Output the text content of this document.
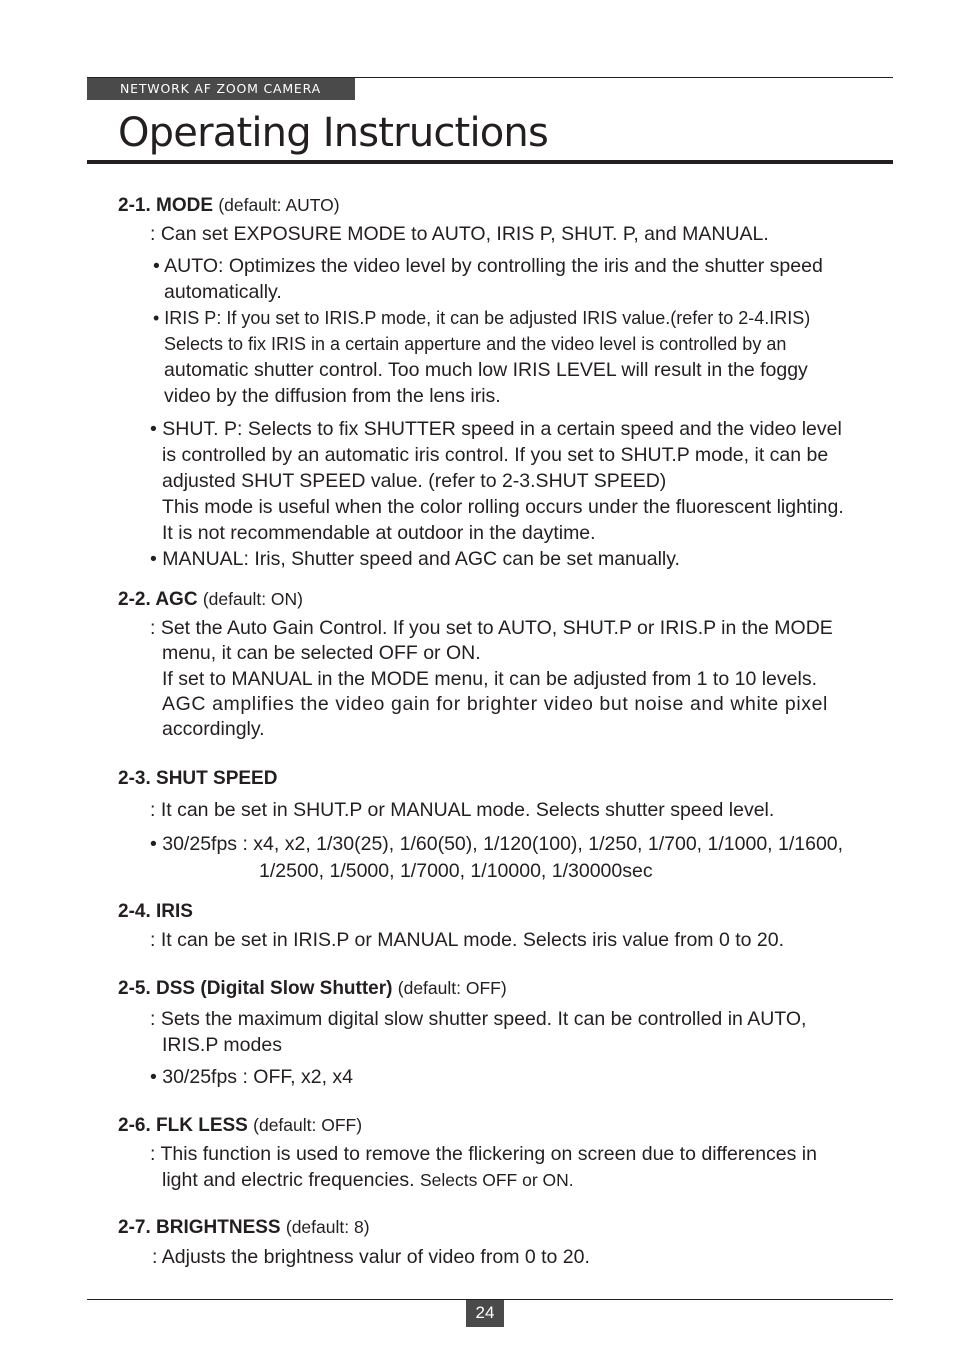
NETWORK AF ZOOM CAMERA
Operating Instructions
2-1. MODE (default: AUTO)
: Can set EXPOSURE MODE to AUTO, IRIS P, SHUT. P, and MANUAL.
• AUTO: Optimizes the video level by controlling the iris and the shutter speed
automatically.
• IRIS P: If you set to IRIS.P mode, it can be adjusted IRIS value.(refer to 2-4.IRIS)
Selects to fix IRIS in a certain apperture and the video level is controlled by an
automatic shutter control. Too much low IRIS LEVEL will result in the foggy
video by the diffusion from the lens iris.
• SHUT. P: Selects to fix SHUTTER speed in a certain speed and the video level
is controlled by an automatic iris control. If you set to SHUT.P mode, it can be
adjusted SHUT SPEED value. (refer to 2-3.SHUT SPEED)
This mode is useful when the color rolling occurs under the fluorescent lighting.
It is not recommendable at outdoor in the daytime.
• MANUAL: Iris, Shutter speed and AGC can be set manually.
2-2. AGC (default: ON)
: Set the Auto Gain Control. If you set to AUTO, SHUT.P or IRIS.P in the MODE
menu, it can be selected OFF or ON.
If set to MANUAL in the MODE menu, it can be adjusted from 1 to 10 levels.
AGC amplifies the video gain for brighter video but noise and white pixel
accordingly.
2-3. SHUT SPEED
: It can be set in SHUT.P or MANUAL mode. Selects shutter speed level.
• 30/25fps : x4, x2, 1/30(25), 1/60(50), 1/120(100), 1/250, 1/700, 1/1000, 1/1600,
1/2500, 1/5000, 1/7000, 1/10000, 1/30000sec
2-4. IRIS
: It can be set in IRIS.P or MANUAL mode. Selects iris value from 0 to 20.
2-5. DSS (Digital Slow Shutter) (default: OFF)
: Sets the maximum digital slow shutter speed. It can be controlled in AUTO,
IRIS.P modes
• 30/25fps : OFF, x2, x4
2-6. FLK LESS (default: OFF)
: This function is used to remove the flickering on screen due to differences in
light and electric frequencies. Selects OFF or ON.
2-7. BRIGHTNESS (default: 8)
: Adjusts the brightness valur of video from 0 to 20.
24
